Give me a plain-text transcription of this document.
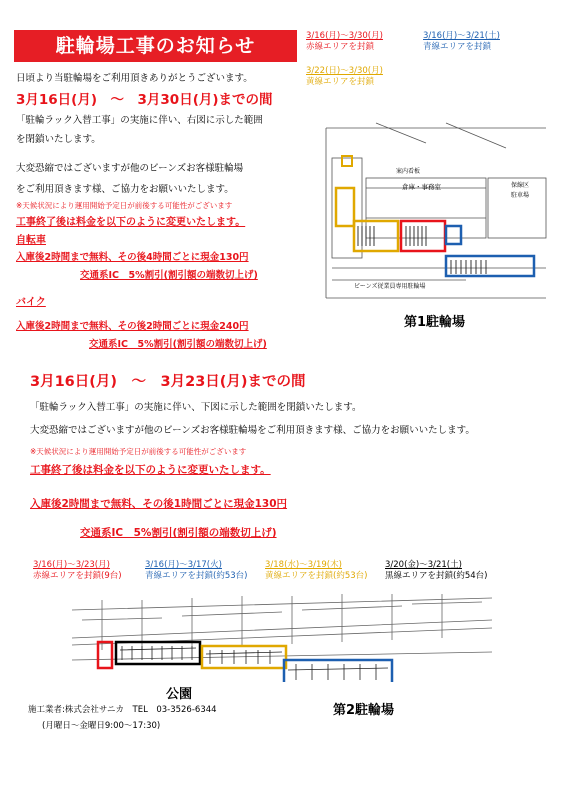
駐輪場工事のお知らせ	3/16(月)～3/30(月)
赤線エリアを封鎖
3/16(月)～3/21(土)
青線エリアを封鎖
3/22(日)～3/30(月)
黄線エリアを封鎖
日頃より当駐輪場をご利用頂きありがとうございます。
3月16日(月)　～　3月30日(月)までの間
「駐輪ラック入替工事」の実施に伴い、右図に示した範囲
を閉鎖いたします。
大変恐縮ではございますが他のビーンズお客様駐輪場
をご利用頂きます様、ご協力をお願いいたします。
※天候状況により運用開始予定日が前後する可能性がございます
工事終了後は料金を以下のように変更いたします。
自転車
入庫後2時間まで無料、その後4時間ごとに現金130円
交通系IC　5%割引(割引額の端数切上げ)
バイク
入庫後2時間まで無料、その後2時間ごとに現金240円
交通系IC　5%割引(割引額の端数切上げ)
案内看板
倉庫・事務室	保線区
駐車場
ビーンズ従業員専用駐輪場
第1駐輪場
3月16日(月)　～　3月23日(月)までの間
「駐輪ラック入替工事」の実施に伴い、下図に示した範囲を閉鎖いたします。
大変恐縮ではございますが他のビーンズお客様駐輪場をご利用頂きます様、ご協力をお願いいたします。
※天候状況により運用開始予定日が前後する可能性がございます
工事終了後は料金を以下のように変更いたします。
入庫後2時間まで無料、その後1時間ごとに現金130円
交通系IC　5%割引(割引額の端数切上げ)
3/16(月)～3/23(月)
赤線エリアを封鎖(9台)
3/16(月)～3/17(火)
青線エリアを封鎖(約53台)
3/18(水)～3/19(木)
黄線エリアを封鎖(約53台)
3/20(金)～3/21(土)
黒線エリアを封鎖(約54台)
公園
第2駐輪場
施工業者:株式会社サニカ　TEL　03-3526-6344
(月曜日～金曜日9:00～17:30)
